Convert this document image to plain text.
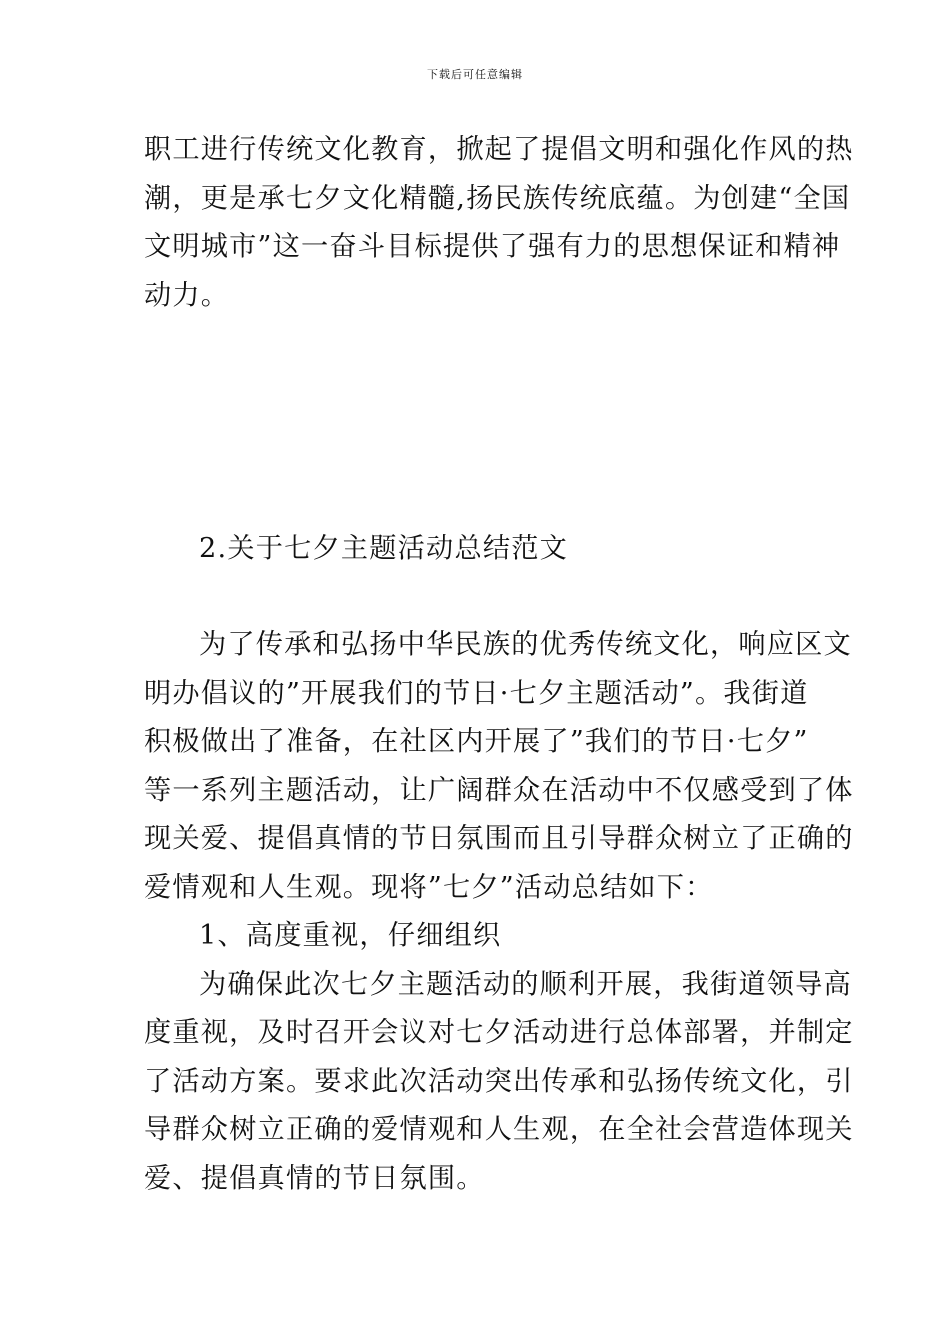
下载后可任意编辑
职工进行传统文化教育，掀起了提倡文明和强化作风的热
潮，更是承七夕文化精髓,扬民族传统底蕴。为创建“全国
文明城市”这一奋斗目标提供了强有力的思想保证和精神
动力。
2.关于七夕主题活动总结范文
为了传承和弘扬中华民族的优秀传统文化，响应区文
明办倡议的”开展我们的节日·七夕主题活动”。我街道
积极做出了准备，在社区内开展了”我们的节日·七夕”
等一系列主题活动，让广阔群众在活动中不仅感受到了体
现关爱、提倡真情的节日氛围而且引导群众树立了正确的
爱情观和人生观。现将”七夕”活动总结如下：
1、高度重视，仔细组织
为确保此次七夕主题活动的顺利开展，我街道领导高
度重视，及时召开会议对七夕活动进行总体部署，并制定
了活动方案。要求此次活动突出传承和弘扬传统文化，引
导群众树立正确的爱情观和人生观，在全社会营造体现关
爱、提倡真情的节日氛围。
